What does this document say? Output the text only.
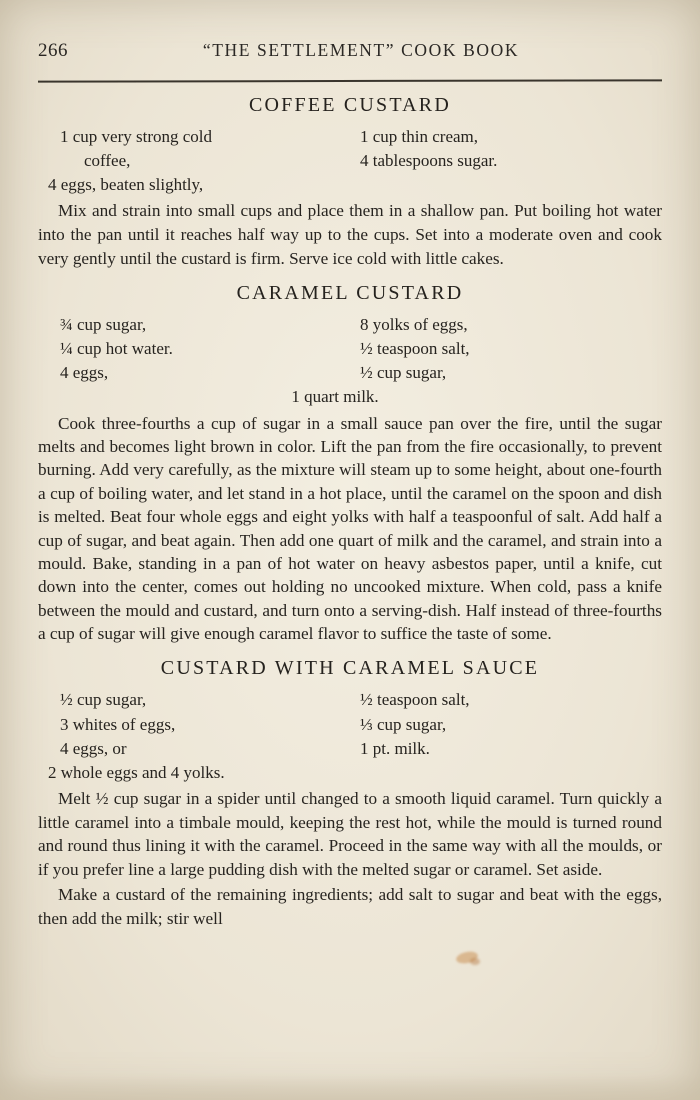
266	“THE SETTLEMENT” COOK BOOK
COFFEE CUSTARD
1 cup very strong cold
coffee,
1 cup thin cream,
4 tablespoons sugar.
4 eggs, beaten slightly,

Mix and strain into small cups and place them in a shallow pan. Put boiling hot water into the pan until it reaches half way up to the cups. Set into a moderate oven and cook very gently until the custard is firm. Serve ice cold with little cakes.

CARAMEL CUSTARD
¾ cup sugar,
¼ cup hot water.
4 eggs,
8 yolks of eggs,
½ teaspoon salt,
½ cup sugar,
1 quart milk.

Cook three-fourths a cup of sugar in a small sauce pan over the fire, until the sugar melts and becomes light brown in color. Lift the pan from the fire occasionally, to prevent burning. Add very carefully, as the mixture will steam up to some height, about one-fourth a cup of boiling water, and let stand in a hot place, until the caramel on the spoon and dish is melted. Beat four whole eggs and eight yolks with half a teaspoonful of salt. Add half a cup of sugar, and beat again. Then add one quart of milk and the caramel, and strain into a mould. Bake, standing in a pan of hot water on heavy asbestos paper, until a knife, cut down into the center, comes out holding no uncooked mixture. When cold, pass a knife between the mould and custard, and turn onto a serving-dish. Half instead of three-fourths a cup of sugar will give enough caramel flavor to suffice the taste of some.

CUSTARD WITH CARAMEL SAUCE
½ cup sugar,
3 whites of eggs,
4 eggs, or
½ teaspoon salt,
⅓ cup sugar,
1 pt. milk.
2 whole eggs and 4 yolks.

Melt ½ cup sugar in a spider until changed to a smooth liquid caramel. Turn quickly a little caramel into a timbale mould, keeping the rest hot, while the mould is turned round and round thus lining it with the caramel. Proceed in the same way with all the moulds, or if you prefer line a large pudding dish with the melted sugar or caramel. Set aside.

Make a custard of the remaining ingredients; add salt to sugar and beat with the eggs, then add the milk; stir well
